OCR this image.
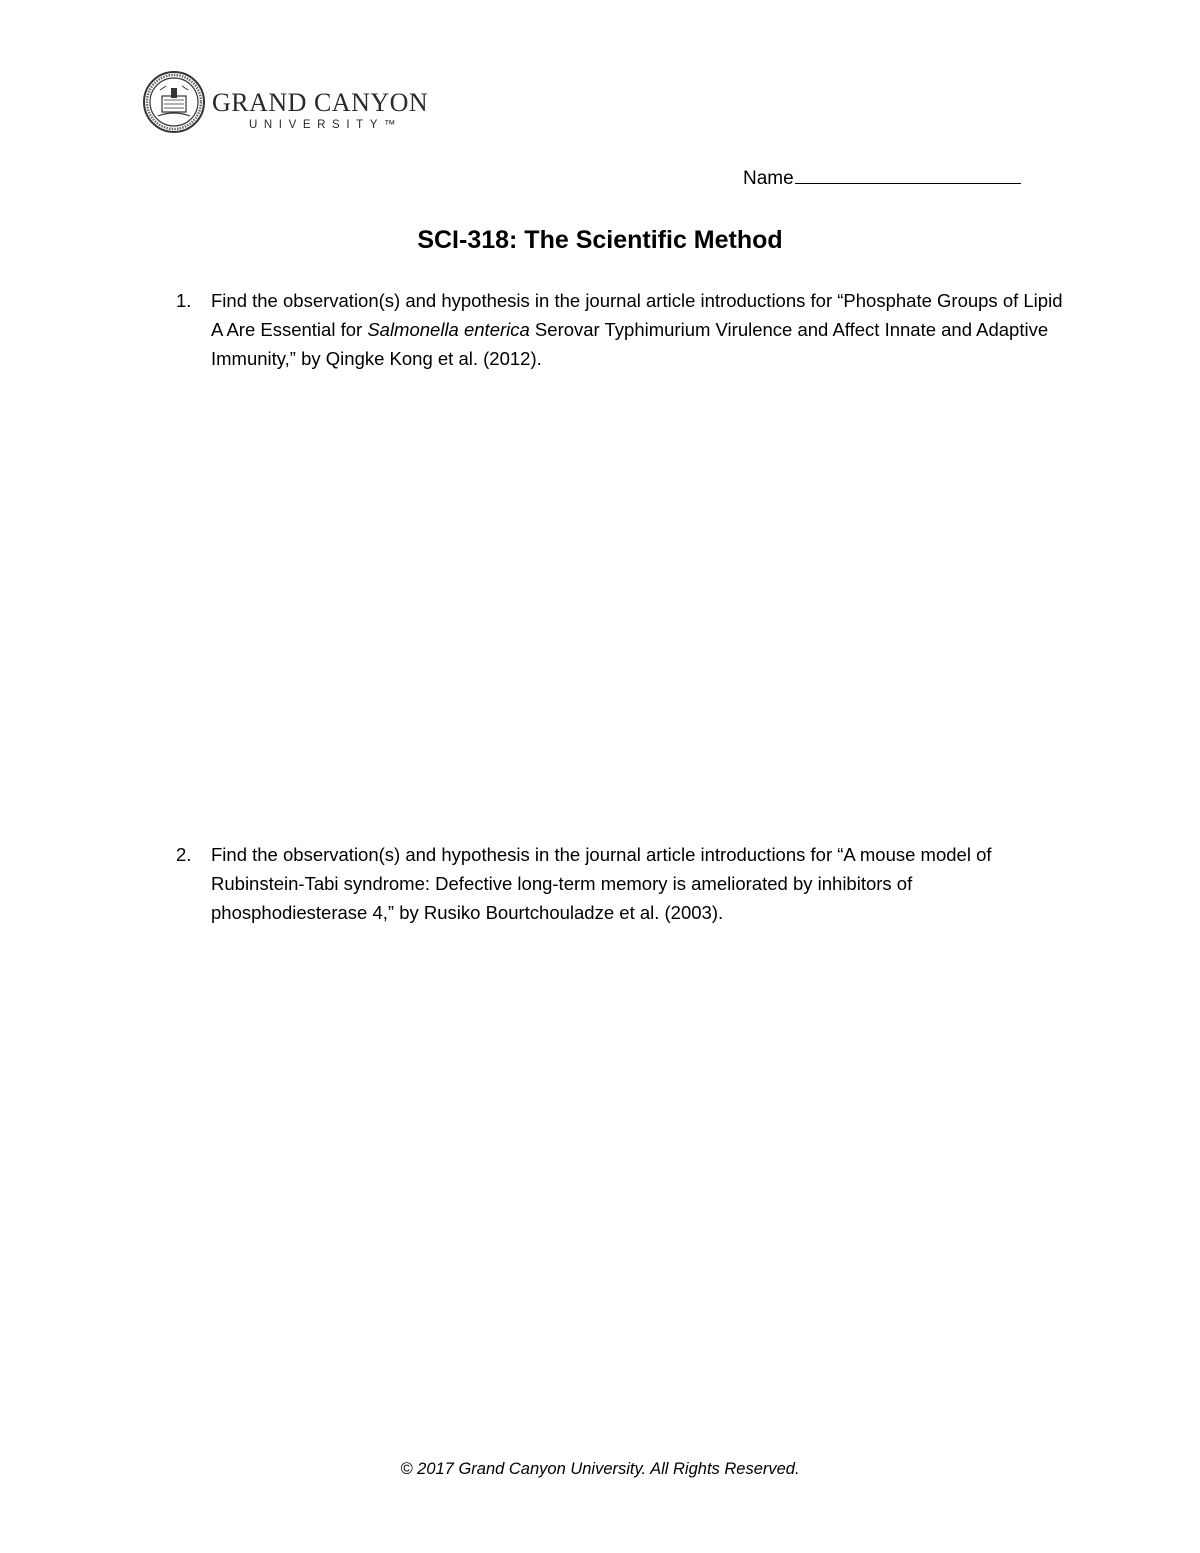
GRAND CANYON
UNIVERSITY™
Name
SCI-318: The Scientific Method
1. Find the observation(s) and hypothesis in the journal article introductions for “Phosphate Groups of Lipid A Are Essential for Salmonella enterica Serovar Typhimurium Virulence and Affect Innate and Adaptive Immunity,” by Qingke Kong et al. (2012).
2. Find the observation(s) and hypothesis in the journal article introductions for “A mouse model of Rubinstein-Tabi syndrome: Defective long-term memory is ameliorated by inhibitors of phosphodiesterase 4,” by Rusiko Bourtchouladze et al. (2003).
© 2017 Grand Canyon University. All Rights Reserved.
